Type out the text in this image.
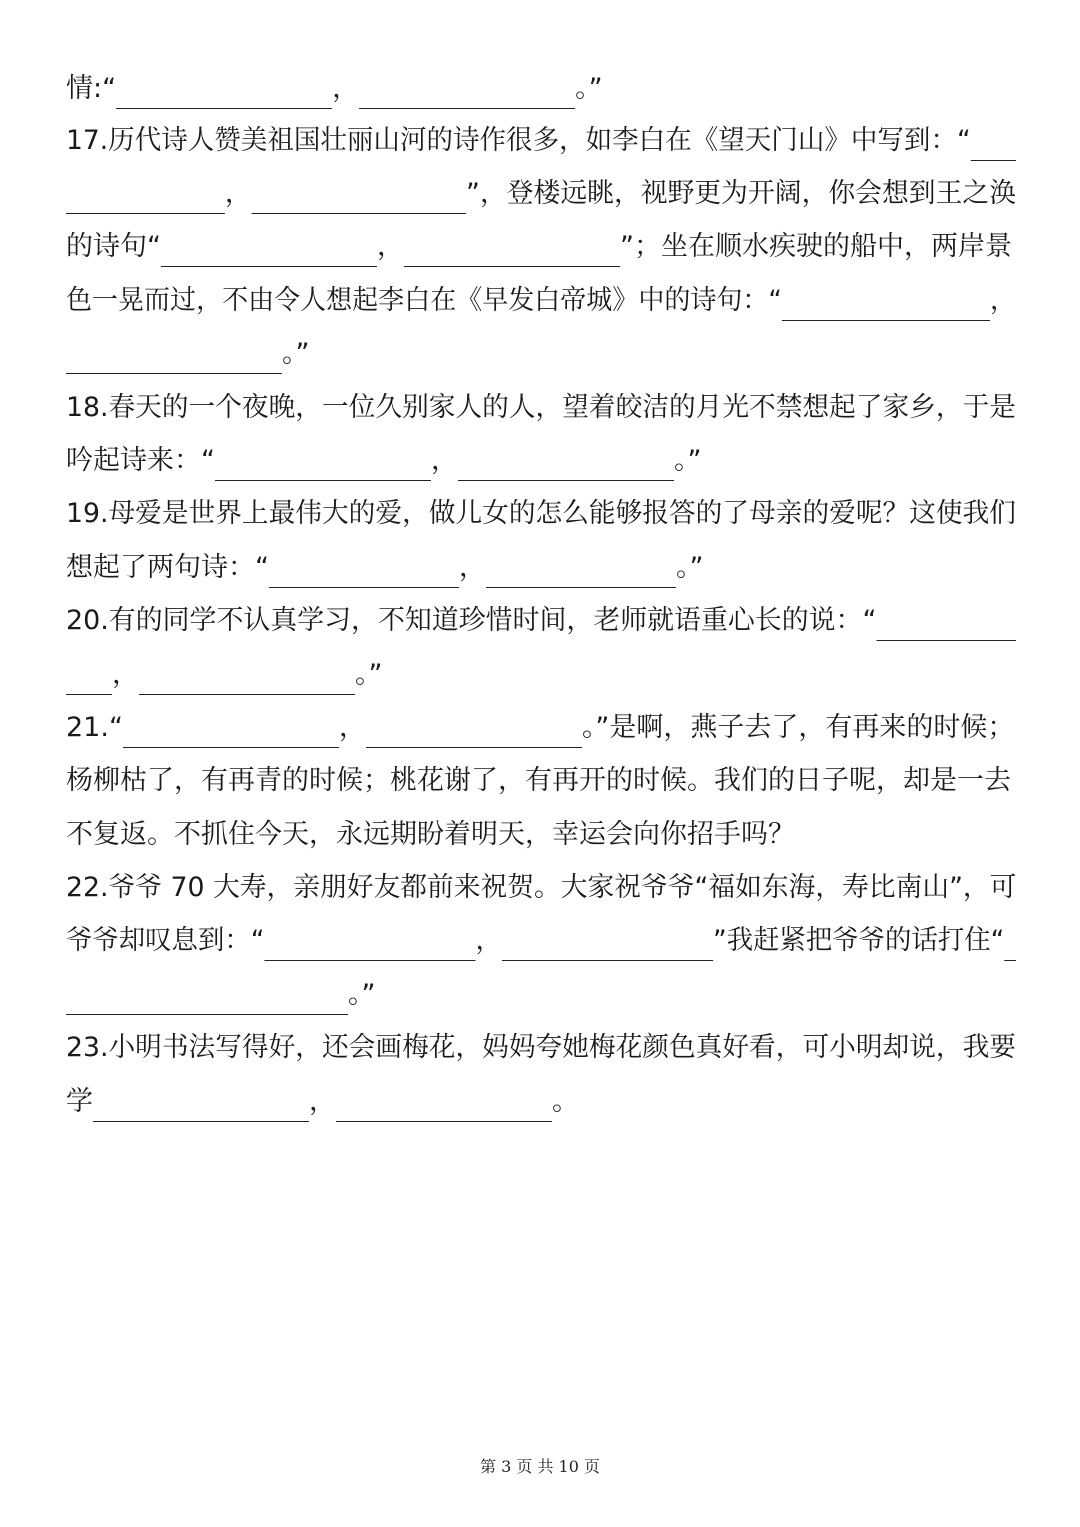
情:“	，	。”
17.历代诗人赞美祖国壮丽山河的诗作很多，如李白在《望天门山》中写到：“
，	”，登楼远眺，视野更为开阔，你会想到王之涣
的诗句“	，	”；坐在顺水疾驶的船中，两岸景
色一晃而过，不由令人想起李白在《早发白帝城》中的诗句：“	，
。”
18.春天的一个夜晚，一位久别家人的人，望着皎洁的月光不禁想起了家乡，于是
吟起诗来：“	，	。”
19.母爱是世界上最伟大的爱，做儿女的怎么能够报答的了母亲的爱呢？这使我们
想起了两句诗：“	，	。”
20.有的同学不认真学习，不知道珍惜时间，老师就语重心长的说：“
，	。”
21.“	，	。”是啊，燕子去了，有再来的时候；
杨柳枯了，有再青的时候；桃花谢了，有再开的时候。我们的日子呢，却是一去
不复返。不抓住今天，永远期盼着明天，幸运会向你招手吗？
22.爷爷 70 大寿，亲朋好友都前来祝贺。大家祝爷爷“福如东海，寿比南山”，可
爷爷却叹息到：“	，	”我赶紧把爷爷的话打住“
。”
23.小明书法写得好，还会画梅花，妈妈夸她梅花颜色真好看，可小明却说，我要
学	，	。
第 3 页 共 10 页
